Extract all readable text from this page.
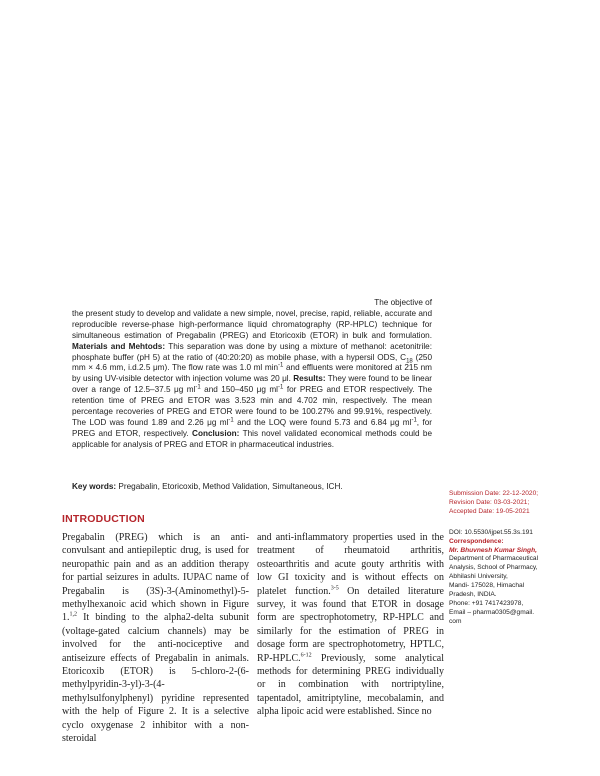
The objective of
the present study to develop and validate a new simple, novel, precise, rapid, reliable, accurate and reproducible reverse-phase high-performance liquid chromatography (RP-HPLC) technique for simultaneous estimation of Pregabalin (PREG) and Etoricoxib (ETOR) in bulk and formulation. Materials and Mehtods: This separation was done by using a mixture of methanol: acetonitrile: phosphate buffer (pH 5) at the ratio of (40:20:20) as mobile phase, with a hypersil ODS, $C_{18}$ (250 mm × 4.6 mm, i.d.2.5 μm). The flow rate was 1.0 ml $\min^{-1}$ and effluents were monitored at 215 nm by using UV-visible detector with injection volume was 20 μl. Results: They were found to be linear over a range of 12.5–37.5 μg $ml^{-1}$ and 150–450 μg $ml^{-1}$ for PREG and ETOR respectively. The retention time of PREG and ETOR was 3.523 min and 4.702 min, respectively. The mean percentage recoveries of PREG and ETOR were found to be 100.27% and 99.91%, respectively. The LOD was found 1.89 and 2.26 μg $ml^{-1}$ and the LOQ were found 5.73 and 6.84 μg $ml^{-1}$, for PREG and ETOR, respectively. Conclusion: This novel validated economical methods could be applicable for analysis of PREG and ETOR in pharmaceutical industries.
Key words: Pregabalin, Etoricoxib, Method Validation, Simultaneous, ICH.
Submission Date: 22-12-2020;
Revision Date: 03-03-2021;
Accepted Date: 19-05-2021
DOI: 10.5530/ijpet.55.3s.191
Correspondence:
Mr. Bhuvnesh Kumar Singh,
Department of Pharmaceutical
Analysis, School of Pharmacy,
Abhilashi University,
Mandi- 175028, Himachal
Pradesh, INDIA.
Phone: +91 7417423978,
Email – pharma0305@gmail.
com
INTRODUCTION
Pregabalin (PREG) which is an anti-convulsant and antiepileptic drug, is used for neuropathic pain and as an addition therapy for partial seizures in adults. IUPAC name of Pregabalin is (3S)-3-(Aminomethyl)-5-methylhexanoic acid which shown in Figure 1.$^{1,2}$ It binding to the alpha2-delta subunit (voltage-gated calcium channels) may be involved for the anti-nociceptive and antiseizure effects of Pregabalin in animals. Etoricoxib (ETOR) is 5-chloro-2-(6-methylpyridin-3-yl)-3-(4-methylsulfonylphenyl) pyridine represented with the help of Figure 2. It is a selective cyclo oxygenase 2 inhibitor with a non-steroidal
and anti-inflammatory properties used in the treatment of rheumatoid arthritis, osteoarthritis and acute gouty arthritis with low GI toxicity and is without effects on platelet function.$^{3-5}$ On detailed literature survey, it was found that ETOR in dosage form are spectrophotometry, RP-HPLC and similarly for the estimation of PREG in dosage form are spectrophotometry, HPTLC, RP-HPLC.$^{6-12}$ Previously, some analytical methods for determining PREG individually or in combination with nortriptyline, tapentadol, amitriptyline, mecobalamin, and alpha lipoic acid were established. Since no
